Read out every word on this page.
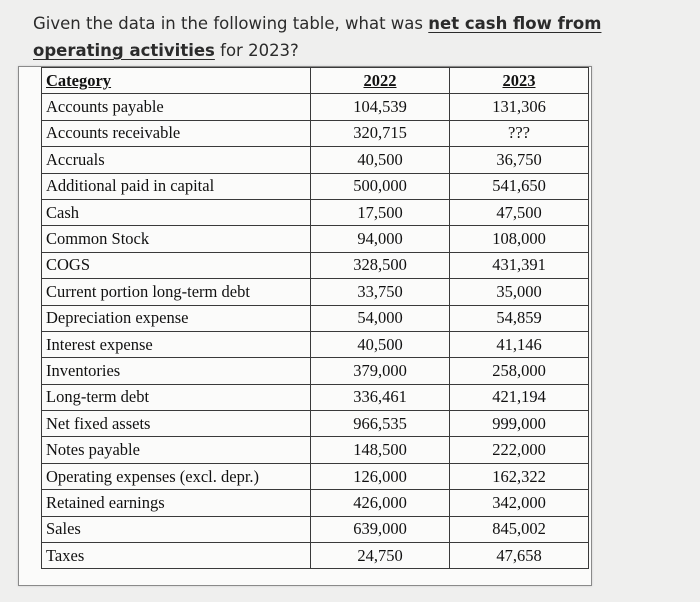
Given the data in the following table, what was net cash flow from operating activities for 2023?
Category	2022	2023
Accounts payable	104,539	131,306
Accounts receivable	320,715	???
Accruals	40,500	36,750
Additional paid in capital	500,000	541,650
Cash	17,500	47,500
Common Stock	94,000	108,000
COGS	328,500	431,391
Current portion long-term debt	33,750	35,000
Depreciation expense	54,000	54,859
Interest expense	40,500	41,146
Inventories	379,000	258,000
Long-term debt	336,461	421,194
Net fixed assets	966,535	999,000
Notes payable	148,500	222,000
Operating expenses (excl. depr.)	126,000	162,322
Retained earnings	426,000	342,000
Sales	639,000	845,002
Taxes	24,750	47,658
